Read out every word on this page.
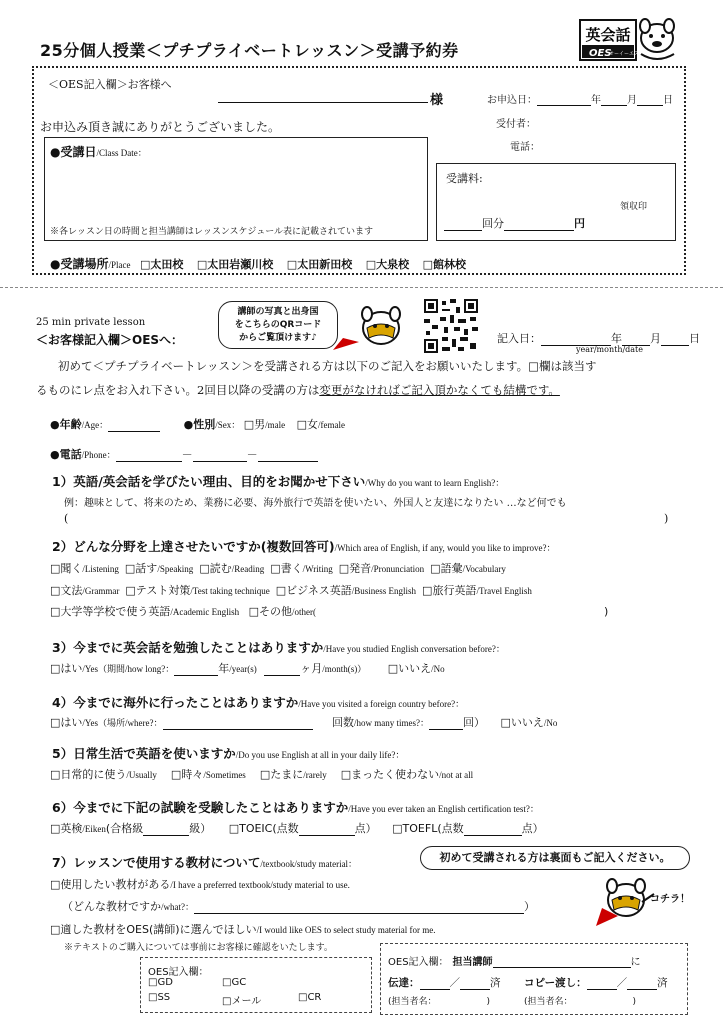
英会話
OES
オーイーエス
25分個人授業＜プチプライベートレッスン＞受講予約券
＜OES記入欄＞お客様へ
様
お申込み頂き誠にありがとうございました。
お申込日：	年	月	日
受付者：
電話：
●受講日/Class Date：
※各レッスン日の時間と担当講師はレッスンスケジュール表に記載されています
受講料:
領収印
回分	円
●受講場所/Place □太田校 □太田岩瀬川校 □太田新田校 □大泉校 □館林校
25 min private lesson
＜お客様記入欄＞OESへ：
講師の写真と出身国
をこちらのQRコード
からご覧頂けます♪	記入日：	年	月	日
year/month/date
初めて＜プチプライベートレッスン＞を受講される方は以下のご記入をお願いいたします。□欄は該当す
るものにレ点をお入れ下さい。2回目以降の受講の方は変更がなければご記入頂かなくても結構です。
●年齢/Age：	●性別/Sex： □男/male □女/female
●電話/Phone：	－	－
1）英語/英会話を学びたい理由、目的をお聞かせ下さい/Why do you want to learn English?：
例：趣味として、将来のため、業務に必要、海外旅行で英語を使いたい、外国人と友達になりたい …など何でも
(	)
2）どんな分野を上達させたいですか(複数回答可)/Which area of English, if any, would you like to improve?：
□聞く/Listening □話す/Speaking □読む/Reading □書く/Writing □発音/Pronunciation □語彙/Vocabulary
□文法/Grammar □テスト対策/Test taking technique □ビジネス英語/Business English □旅行英語/Travel English
□大学等学校で使う英語/Academic English □その他/other(	)
3）今までに英会話を勉強したことはありますか/Have you studied English conversation before?：
□はい/Yes（期間/how long?：	年/year(s)	ヶ月/month(s)） □いいえ/No
4）今までに海外に行ったことはありますか/Have you visited a foreign country before?：
□はい/Yes（場所/where?：	回数/how many times?：	回） □いいえ/No
5）日常生活で英語を使いますか/Do you use English at all in your daily life?：
□日常的に使う/Usually □時々/Sometimes □たまに/rarely □まったく使わない/not at all
6）今までに下記の試験を受験したことはありますか/Have you ever taken an English certification test?：
□英検/Eiken(合格級	級） □TOEIC(点数	点） □TOEFL(点数	点）
7）レッスンで使用する教材について/textbook/study material：	初めて受講される方は裏面もご記入ください。
□使用したい教材がある/I have a preferred textbook/study material to use.
（どんな教材ですか/what?：	）
□適した教材をOES(講師)に選んでほしい/I would like OES to select study material for me.
※テキストのご購入については事前にお客様に確認をいたします。
コチラ！
OES記入欄：
□GD	□GC
□SS	□メール	□CR
OES記入欄： 担当講師	に
伝達：	／	済 コピー渡し：	／	済
(担当者名：	)	(担当者名：	)
